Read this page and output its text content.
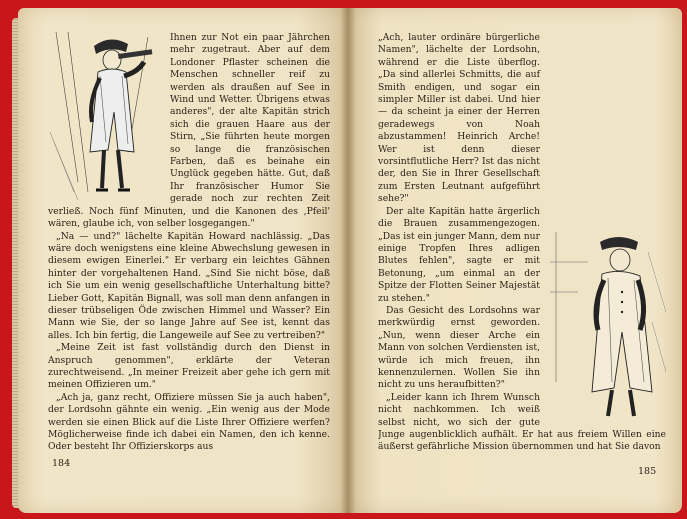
Ihnen zur Not ein paar Jährchen mehr zugetraut. Aber auf dem Londoner Pflaster scheinen die Menschen schneller reif zu werden als draußen auf See in Wind und Wetter. Übrigens etwas anderes", der alte Kapitän strich sich die grauen Haare aus der Stirn, „Sie führten heute morgen so lange die französischen Farben, daß es beinahe ein Unglück gegeben hätte. Gut, daß Ihr französischer Humor Sie gerade noch zur rechten Zeit verließ. Noch fünf Minuten, und die Kanonen des ‚Pfeil' wären, glaube ich, von selber losgegangen."

„Na — und?" lächelte Kapitän Howard nachlässig. „Das wäre doch wenigstens eine kleine Abwechslung gewesen in diesem ewigen Einerlei." Er verbarg ein leichtes Gähnen hinter der vorgehaltenen Hand. „Sind Sie nicht böse, daß ich Sie um ein wenig gesellschaftliche Unterhaltung bitte? Lieber Gott, Kapitän Bignall, was soll man denn anfangen in dieser trübseligen Öde zwischen Himmel und Wasser? Ein Mann wie Sie, der so lange Jahre auf See ist, kennt das alles. Ich bin fertig, die Langeweile auf See zu vertreiben?"

„Meine Zeit ist fast vollständig durch den Dienst in Anspruch genommen", erklärte der Veteran zurechtweisend. „In meiner Freizeit aber gehe ich gern mit meinen Offizieren um."

„Ach ja, ganz recht, Offiziere müssen Sie ja auch haben", der Lordsohn gähnte ein wenig. „Ein wenig aus der Mode werden sie einen Blick auf die Liste Ihrer Offiziere werfen? Möglicherweise finde ich dabei ein Namen, den ich kenne. Oder besteht Ihr Offizierskorps aus

184

„Ach, lauter ordinäre bürgerliche Namen", lächelte der Lordsohn, während er die Liste überflog. „Da sind allerlei Schmitts, die auf Smith endigen, und sogar ein simpler Miller ist dabei. Und hier — da scheint ja einer der Herren geradewegs von Noah abzustammen! Heinrich Arche! Wer ist denn dieser vorsintflutliche Herr? Ist das nicht der, den Sie in Ihrer Gesellschaft zum Ersten Leutnant aufgeführt sehe?"

Der alte Kapitän hatte ärgerlich die Brauen zusammengezogen. „Das ist ein junger Mann, dem nur einige Tropfen Ihres adligen Blutes fehlen", sagte er mit Betonung, „um einmal an der Spitze der Flotten Seiner Majestät zu stehen."

Das Gesicht des Lordsohns war merkwürdig ernst geworden. „Nun, wenn dieser Arche ein Mann von solchen Verdiensten ist, würde ich mich freuen, ihn kennenzulernen. Wollen Sie ihn nicht zu uns heraufbitten?"

„Leider kann ich Ihrem Wunsch nicht nachkommen. Ich weiß selbst nicht, wo sich der gute Junge augenblicklich aufhält. Er hat aus freiem Willen eine äußerst gefährliche Mission übernommen und hat Sie davon

185
